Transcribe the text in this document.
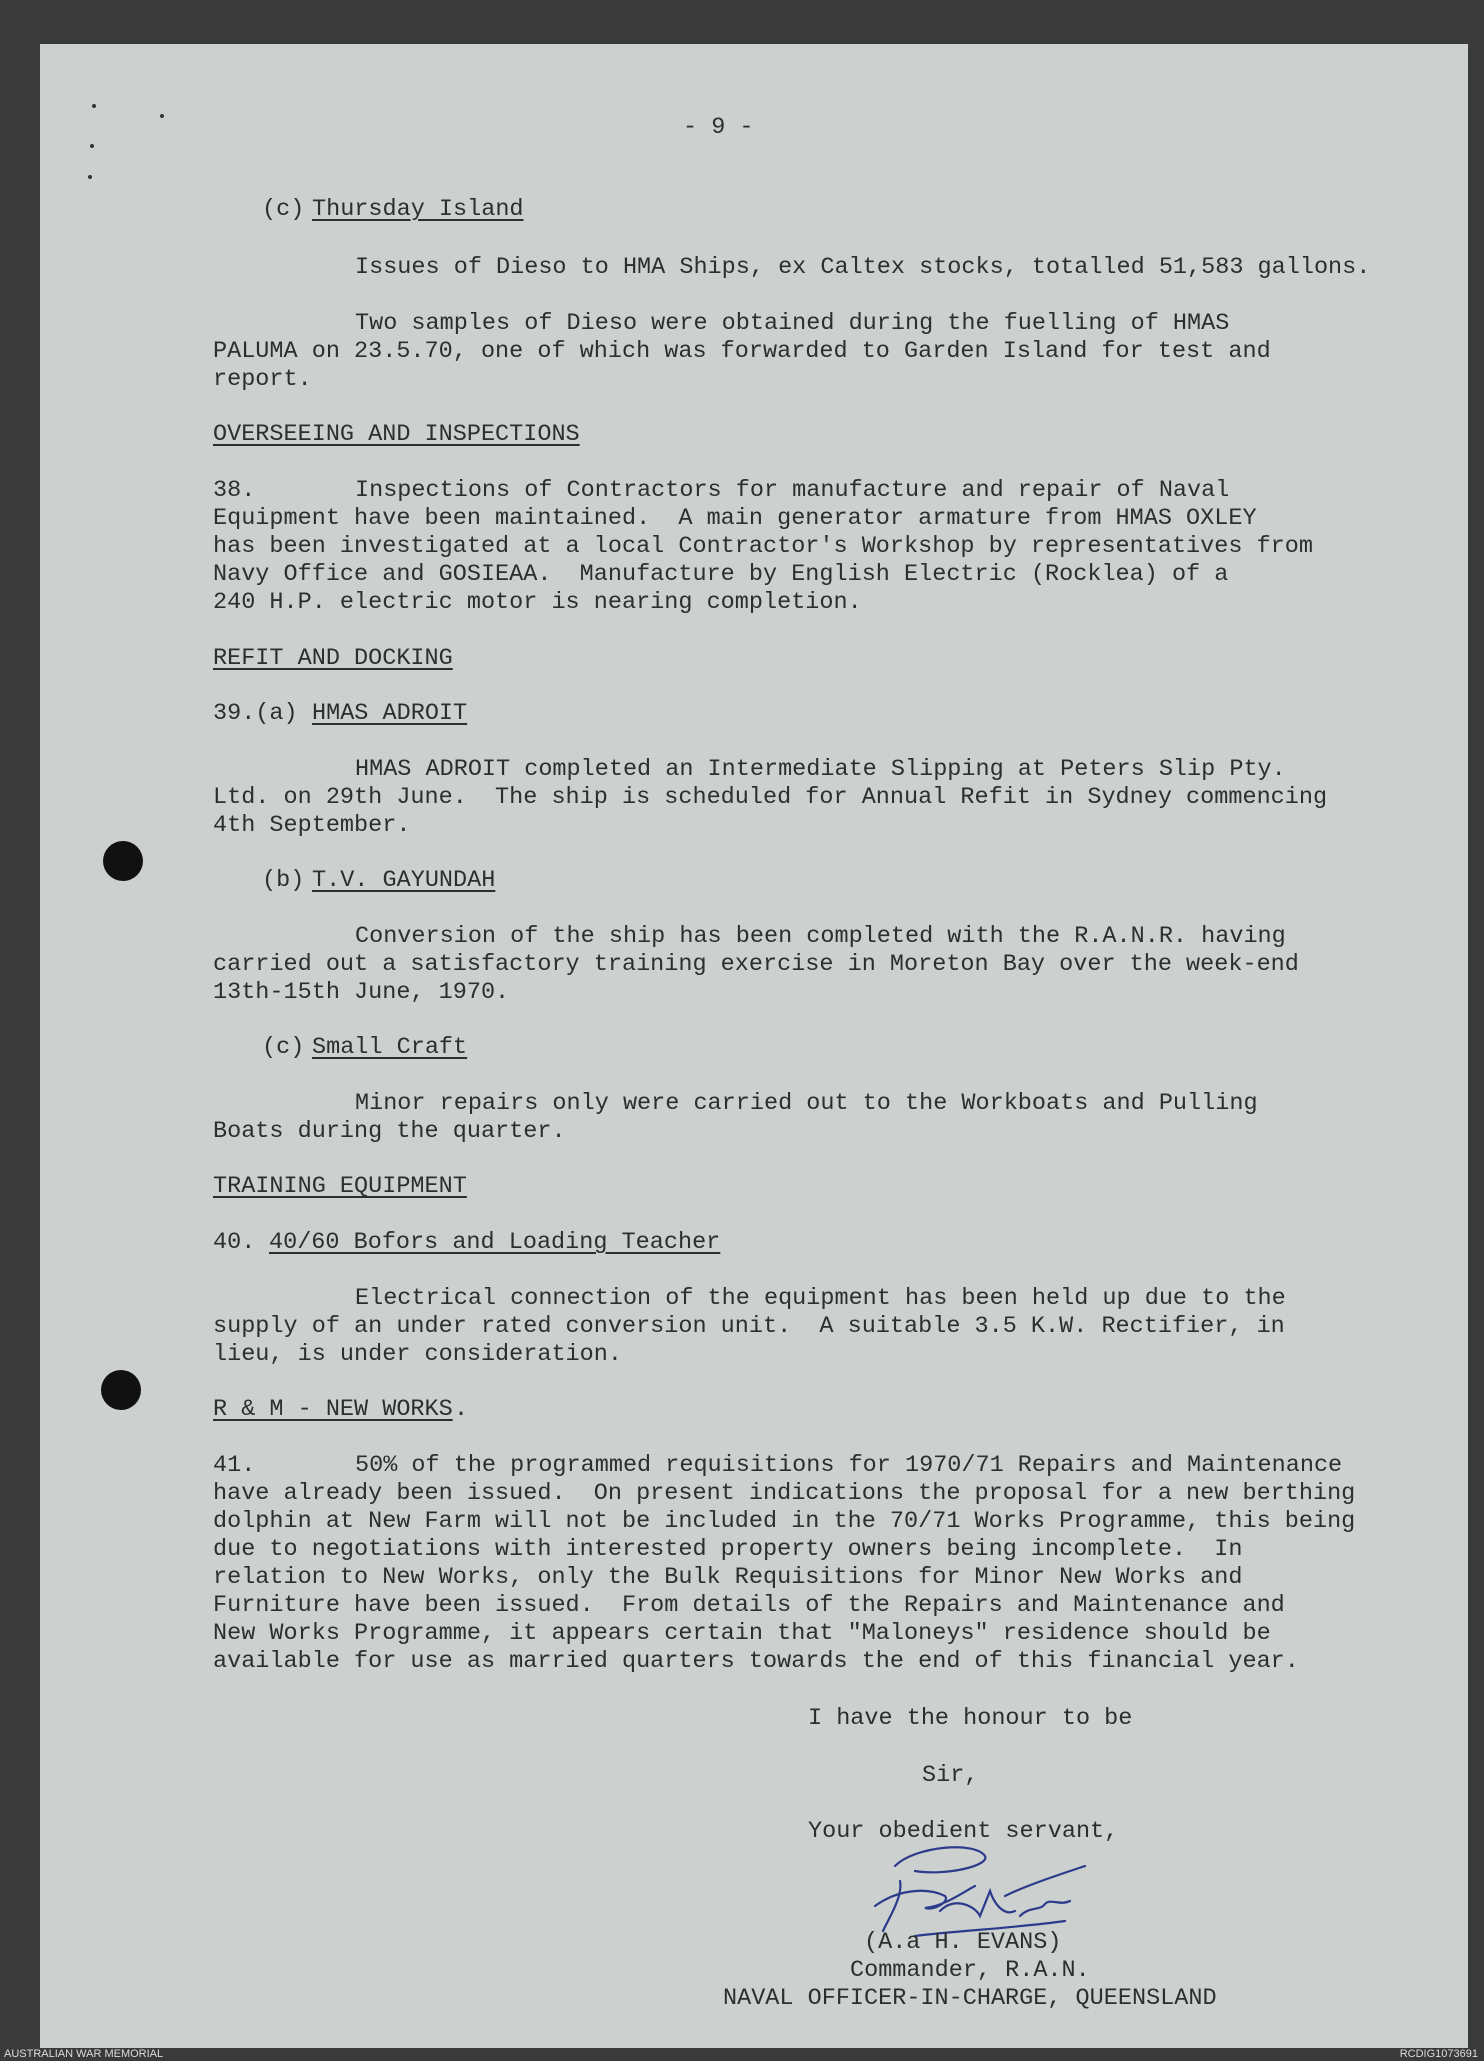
- 9 -
(c) Thursday Island
Issues of Dieso to HMA Ships, ex Caltex stocks, totalled 51,583 gallons.
Two samples of Dieso were obtained during the fuelling of HMAS
PALUMA on 23.5.70, one of which was forwarded to Garden Island for test and
report.
OVERSEEING AND INSPECTIONS
38.	Inspections of Contractors for manufacture and repair of Naval
Equipment have been maintained.  A main generator armature from HMAS OXLEY
has been investigated at a local Contractor's Workshop by representatives from
Navy Office and GOSIEAA.  Manufacture by English Electric (Rocklea) of a
240 H.P. electric motor is nearing completion.
REFIT AND DOCKING
39.(a) HMAS ADROIT
HMAS ADROIT completed an Intermediate Slipping at Peters Slip Pty.
Ltd. on 29th June.  The ship is scheduled for Annual Refit in Sydney commencing
4th September.
(b) T.V. GAYUNDAH
Conversion of the ship has been completed with the R.A.N.R. having
carried out a satisfactory training exercise in Moreton Bay over the week-end
13th-15th June, 1970.
(c) Small Craft
Minor repairs only were carried out to the Workboats and Pulling
Boats during the quarter.
TRAINING EQUIPMENT
40. 40/60 Bofors and Loading Teacher
Electrical connection of the equipment has been held up due to the
supply of an under rated conversion unit.  A suitable 3.5 K.W. Rectifier, in
lieu, is under consideration.
R & M - NEW WORKS .
41.	50% of the programmed requisitions for 1970/71 Repairs and Maintenance
have already been issued.  On present indications the proposal for a new berthing
dolphin at New Farm will not be included in the 70/71 Works Programme, this being
due to negotiations with interested property owners being incomplete.  In
relation to New Works, only the Bulk Requisitions for Minor New Works and
Furniture have been issued.  From details of the Repairs and Maintenance and
New Works Programme, it appears certain that "Maloneys" residence should be
available for use as married quarters towards the end of this financial year.
I have the honour to be
Sir,
Your obedient servant,
(A.a H. EVANS)
Commander, R.A.N.
NAVAL OFFICER-IN-CHARGE, QUEENSLAND
AUSTRALIAN WAR MEMORIAL	RCDIG1073691
